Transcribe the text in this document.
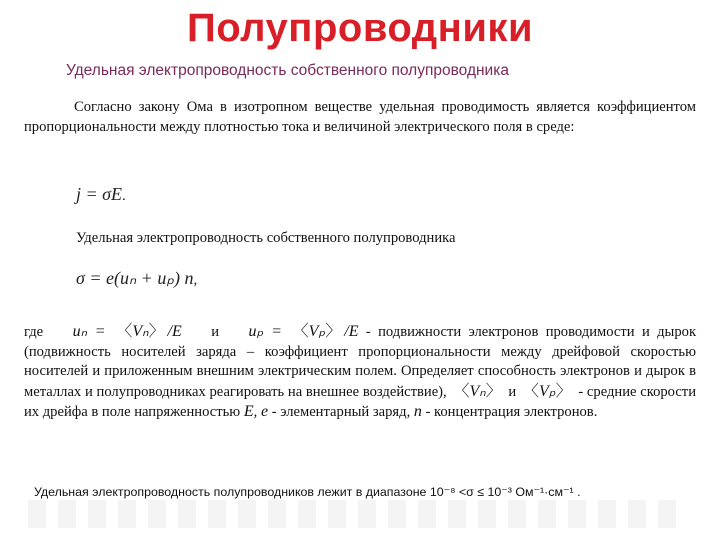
Полупроводники
Удельная электропроводность собственного полупроводника
Согласно закону Ома в изотропном веществе удельная проводимость является коэффициентом пропорциональности между плотностью тока и величиной электрического поля в среде:
j = σE.
Удельная электропроводность собственного полупроводника
σ = e(uₙ + uₚ) n,
где uₙ = 〈 Vₙ 〉 /E и uₚ = 〈 Vₚ 〉 /E - подвижности электронов проводимости и дырок (подвижность носителей заряда – коэффициент пропорциональности между дрейфовой скоростью носителей и приложенным внешним электрическим полем. Определяет способность электронов и дырок в металлах и полупроводниках реагировать на внешнее воздействие), 〈 Vₙ 〉 и 〈 Vₚ 〉 - средние скорости их дрейфа в поле напряженностью E, e - элементарный заряд, n - концентрация электронов.
Удельная электропроводность полупроводников лежит в диапазоне 10⁻⁸ <σ ≤ 10⁻³ Ом⁻¹·см⁻¹ .
